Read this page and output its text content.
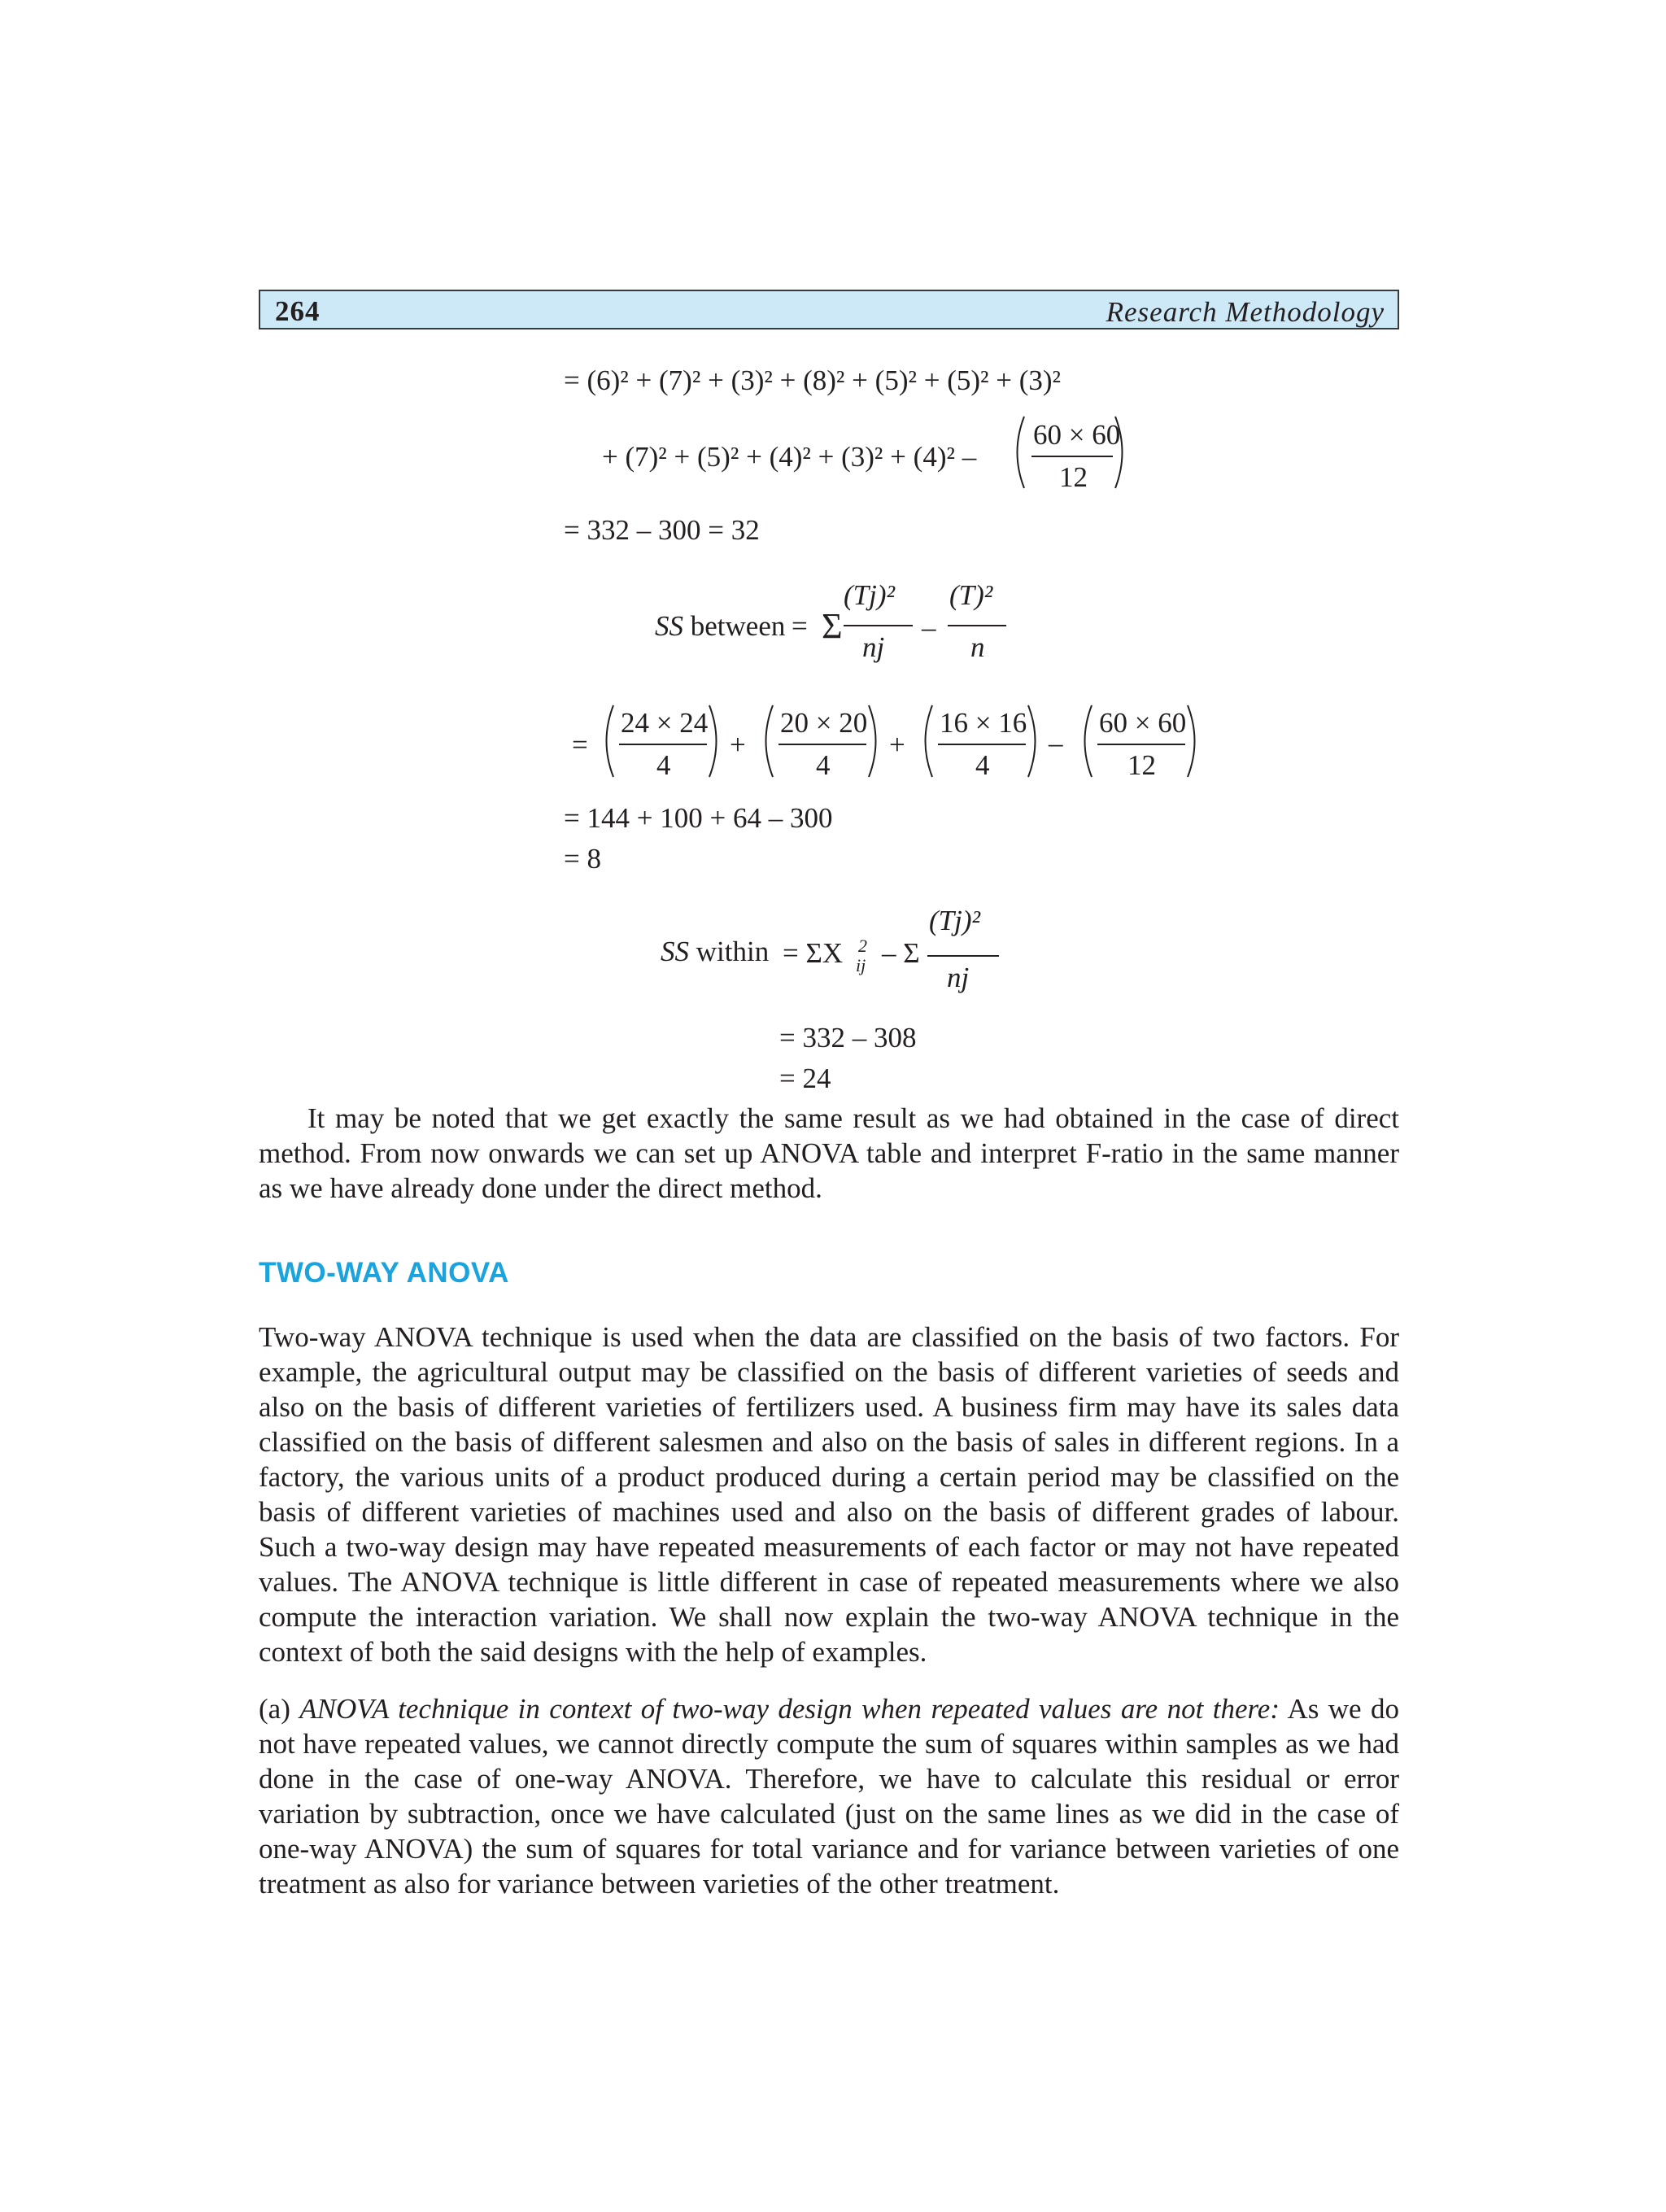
264	Research Methodology
= (6)² + (7)² + (3)² + (8)² + (5)² + (5)² + (3)²
+ (7)² + (5)² + (4)² + (3)² + (4)² –
60 × 60
12
= 332 – 300 = 32
SS between = Σ
(Tj)²
nj
–
(T)²
n
=
24 × 24
4
+
20 × 20
4
+
16 × 16
4
–
60 × 60
12
= 144 + 100 + 64 – 300
= 8
SS within = ΣX 2
ij – Σ
(Tj)²
nj
= 332 – 308
= 24
It may be noted that we get exactly the same result as we had obtained in the case of direct method. From now onwards we can set up ANOVA table and interpret F-ratio in the same manner as we have already done under the direct method.
TWO-WAY ANOVA
Two-way ANOVA technique is used when the data are classified on the basis of two factors. For example, the agricultural output may be classified on the basis of different varieties of seeds and also on the basis of different varieties of fertilizers used. A business firm may have its sales data classified on the basis of different salesmen and also on the basis of sales in different regions. In a factory, the various units of a product produced during a certain period may be classified on the basis of different varieties of machines used and also on the basis of different grades of labour. Such a two-way design may have repeated measurements of each factor or may not have repeated values. The ANOVA technique is little different in case of repeated measurements where we also compute the interaction variation. We shall now explain the two-way ANOVA technique in the context of both the said designs with the help of examples.
(a) ANOVA technique in context of two-way design when repeated values are not there: As we do not have repeated values, we cannot directly compute the sum of squares within samples as we had done in the case of one-way ANOVA. Therefore, we have to calculate this residual or error variation by subtraction, once we have calculated (just on the same lines as we did in the case of one-way ANOVA) the sum of squares for total variance and for variance between varieties of one treatment as also for variance between varieties of the other treatment.
